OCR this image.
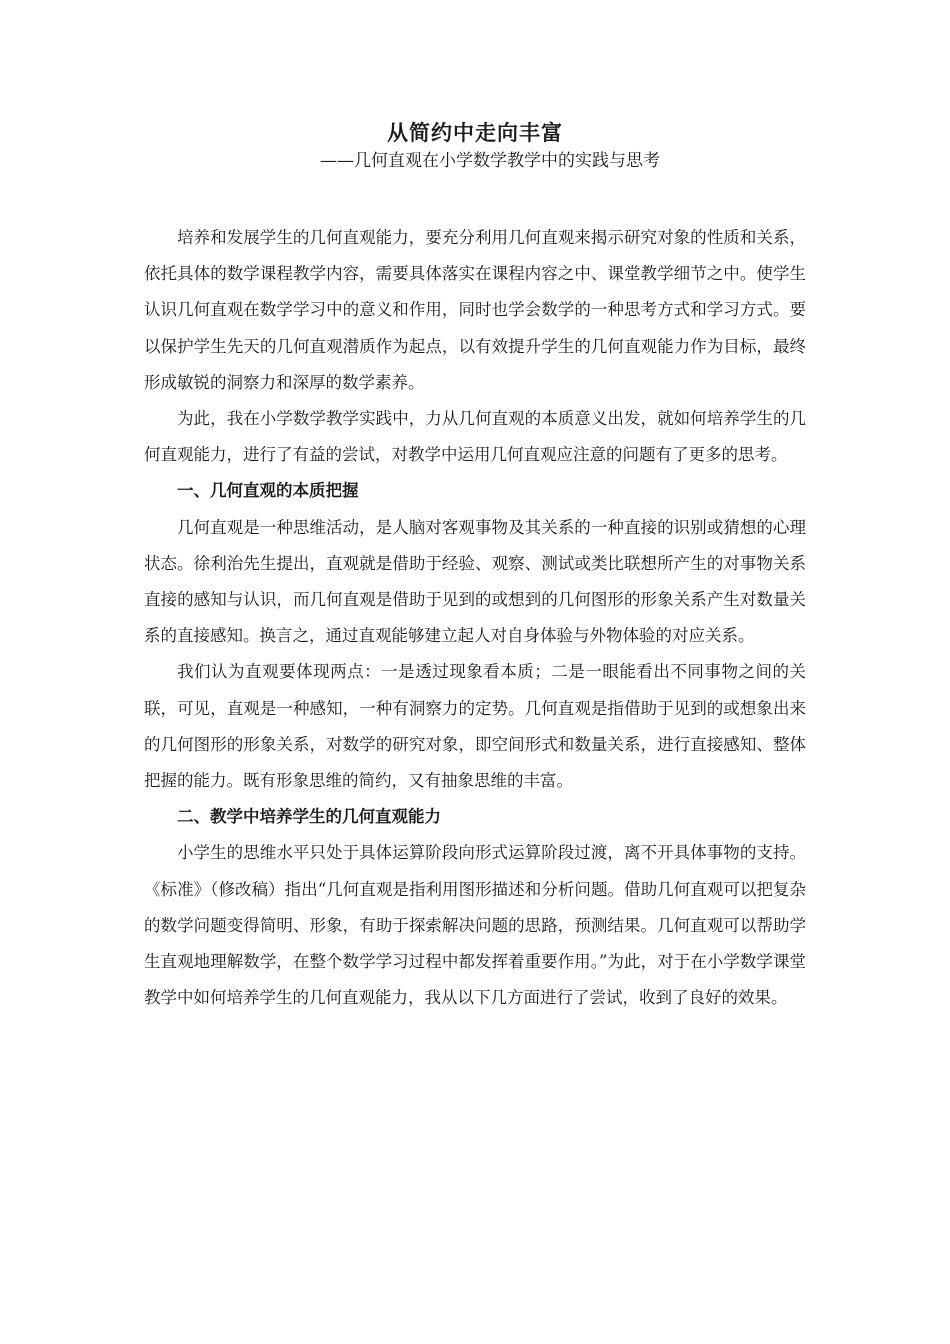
从简约中走向丰富

——几何直观在小学数学教学中的实践与思考

培养和发展学生的几何直观能力，要充分利用几何直观来揭示研究对象的性质和关系，依托具体的数学课程教学内容，需要具体落实在课程内容之中、课堂教学细节之中。使学生认识几何直观在数学学习中的意义和作用，同时也学会数学的一种思考方式和学习方式。要以保护学生先天的几何直观潜质作为起点，以有效提升学生的几何直观能力作为目标，最终形成敏锐的洞察力和深厚的数学素养。

为此，我在小学数学教学实践中，力从几何直观的本质意义出发，就如何培养学生的几何直观能力，进行了有益的尝试，对教学中运用几何直观应注意的问题有了更多的思考。

一、几何直观的本质把握

几何直观是一种思维活动，是人脑对客观事物及其关系的一种直接的识别或猜想的心理状态。徐利治先生提出，直观就是借助于经验、观察、测试或类比联想所产生的对事物关系直接的感知与认识，而几何直观是借助于见到的或想到的几何图形的形象关系产生对数量关系的直接感知。换言之，通过直观能够建立起人对自身体验与外物体验的对应关系。

我们认为直观要体现两点：一是透过现象看本质；二是一眼能看出不同事物之间的关联，可见，直观是一种感知，一种有洞察力的定势。几何直观是指借助于见到的或想象出来的几何图形的形象关系，对数学的研究对象，即空间形式和数量关系，进行直接感知、整体把握的能力。既有形象思维的简约，又有抽象思维的丰富。

二、教学中培养学生的几何直观能力

小学生的思维水平只处于具体运算阶段向形式运算阶段过渡，离不开具体事物的支持。《标准》（修改稿）指出“几何直观是指利用图形描述和分析问题。借助几何直观可以把复杂的数学问题变得简明、形象，有助于探索解决问题的思路，预测结果。几何直观可以帮助学生直观地理解数学，在整个数学学习过程中都发挥着重要作用。”为此，对于在小学数学课堂教学中如何培养学生的几何直观能力，我从以下几方面进行了尝试，收到了良好的效果。
